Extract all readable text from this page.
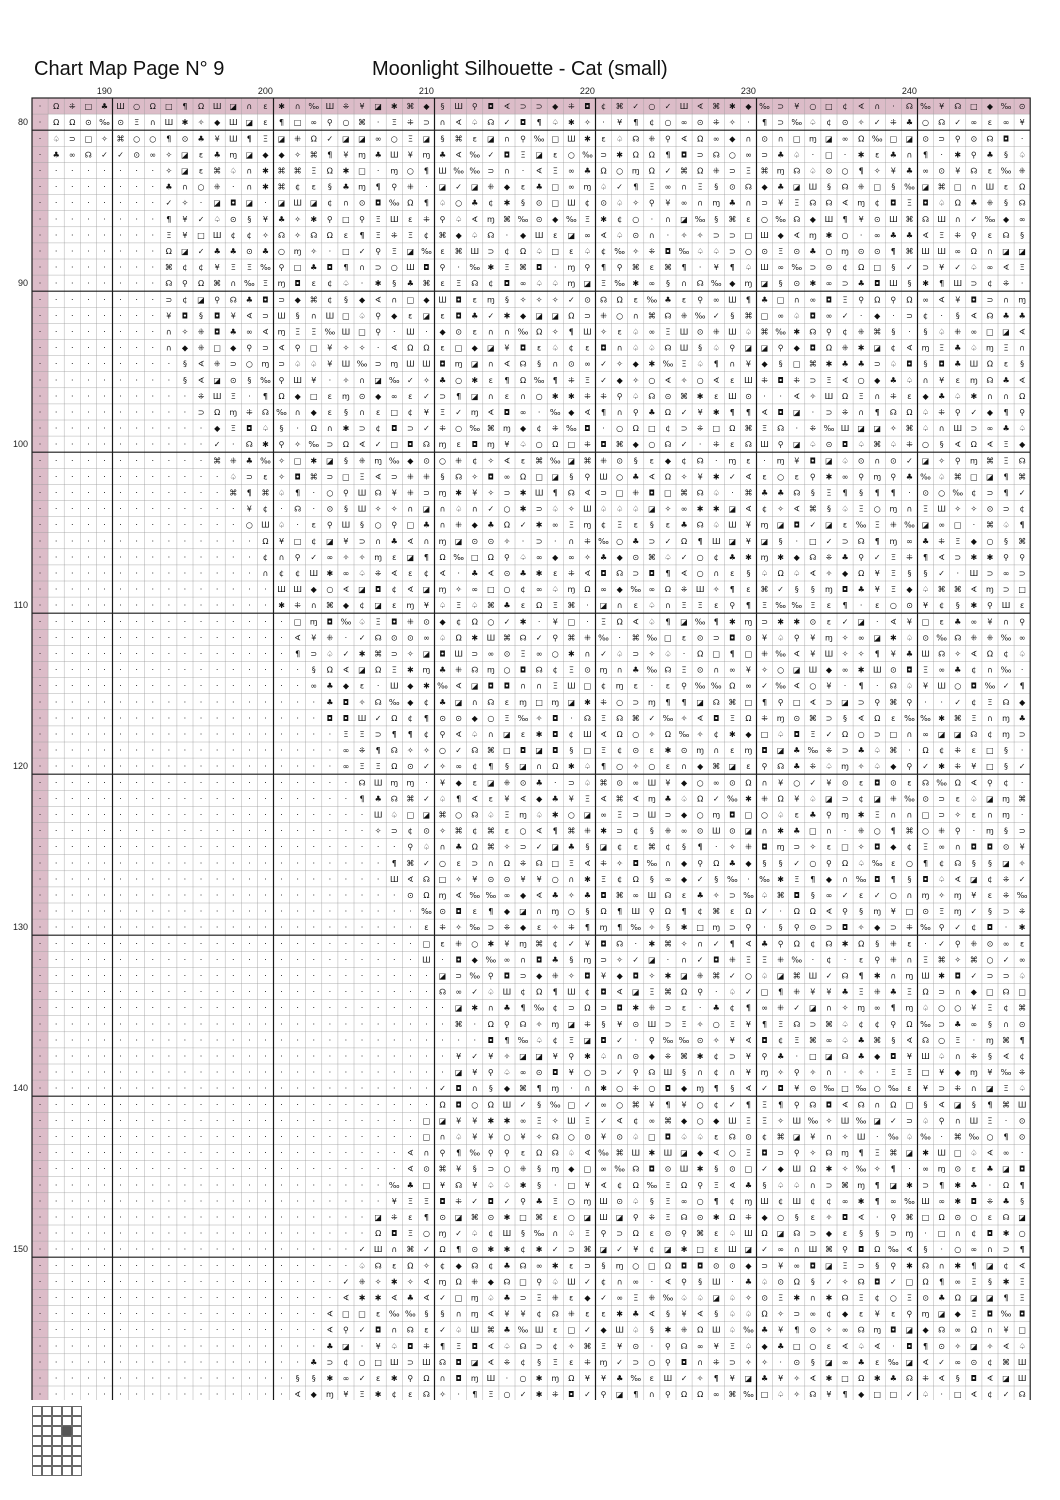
Chart Map Page N° 9	Moonlight Silhouette - Cat (small)
· Ω ⁜ □ ♣ Ш ○ Ω □ ¶ Ω Ш ◪ ∩ ε ✱ ∩ ‰ Ш ⁜ ¥ ◪ ✱ ⌘ ◆ § Ш ⚲ ◘ ∢ ⊃ ⊃ ◆ ⁜ ◘ ¢ ⌘ ✓ ○ ✓ Ш ∢ ⌘ ✱ ◆ ‰ ⊃ ¥ ○ □ ¢ ∢ ∩ · ☊ ‰ ¥ ☊ □ ◆ ‰ ⊙
· Ω Ω ⊙ ‰ ⊙ Ξ ∩ Ш ✱ ✧ ◆ Ш ◪ ε ¶ □ ∞ ⚲ ○ ⌘ · Ξ ⁜ ⊃ ∩ ∢ ♤ ☊ ✓ ◘ ¶ ♤ ✱ ✧ · ¥ ¶ ¢ ○ ∞ ⊙ ⁜ ✧ · ¶ ⊃ ‰ ♤ ¢ ⊙ ✧ ✓ ⁜ ♣ ○ ☊ ✓ ∞ ε ∞ ¥
· ♤ ⊃ □ ✧ ⌘ ○ ○ ¶ ⊙ ♣ ¥ Ш ¶ Ξ ◪ ⁜ Ω ✓ ◪ ◪ ∞ ○ Ξ ◪ § ⌘ ε ◪ ∩ ⚲ ‰ □ Ш ✱ ε ♤ ☊ ⁜ ⚲ ∢ Ω ∞ ◆ ∩ ⊙ ∩ □ ɱ ◪ ∞ Ω ‰ □ ◪ ⊙ ⊃ ⚲ ⊙ ☊ ◘ ·
· ♣ ∞ ☊ ✓ ✓ ⊙ ∞ ✧ ◪ ε ♣ ɱ ◪ ◆ ◆ ✧ ⌘ ¶ ¥ ɱ ♣ Ш ¥ ɱ ♣ ∢ ‰ ✓ ◘ Ξ ◪ ε ○ ‰ ⊃ ✱ Ω Ω ¶ ◘ ⊃ ☊ ○ ∞ ⊃ ♣ ♤ · □ · ✱ ε ♣ ∩ ¶ · ✱ ⚲ ♣ § ♤
· · · · · · · · ✧ ◪ ε ⌘ ♤ ∩ ✱ ⌘ ⌘ Ξ Ω ✱ □ · ɱ ○ ¶ Ш ‰ ‰ ⊃ ∩ · ∢ Ξ ∞ ♣ Ω ○ ɱ Ω ✓ ⌘ Ω ⁜ ⊃ Ξ ⌘ ɱ ☊ ♤ ⊙ ○ ¶ ✧ ¥ ♣ ∞ ⊙ ¥ ☊ ε ‰ ⁜
· · · · · · · · ♣ ∩ ○ ⁜ · ∩ ✱ ⌘ ¢ ε § ♣ ɱ ¶ ⚲ ⁜ · ◪ ✓ ◪ ⁜ ◆ ε ♣ □ ∞ ɱ ♤ ✓ ¶ Ξ ∞ ∩ Ξ § ⊙ ☊ ◆ ♣ ◪ Ш § ☊ ⁜ □ § ‰ ◪ ⌘ □ ∩ Ш ε Ω
· · · · · · · · ✓ ✧ · ◪ ◘ ◪ · ◪ Ш ◪ ¢ ∩ ⊙ ◘ ‰ Ω ¶ ♤ ○ ♣ ¢ ✱ § ⊙ □ Ш ¢ ⊙ ♤ ✧ ⚲ ¥ ∞ ∩ ɱ ♣ ∩ ⊃ ¥ Ξ ☊ ☊ ∢ ɱ ¢ ◘ Ξ ◘ ♤ Ω ♣ ⁜ § ☊
· · · · · · · · ¶ ¥ ✓ ♤ ⊙ § ¥ ♣ ✧ ✱ ⚲ □ ⚲ Ξ Ш ε ⁜ ⚲ ♤ ∢ ɱ ⌘ ‰ ⊙ ◆ ‰ Ξ ✱ ¢ ○ · ∩ ◪ ‰ § ⌘ ε ○ ‰ ☊ ◆ Ш ¶ ¥ ⊙ Ш ⌘ ☊ Ш ∩ ✓ ‰ ◆ ∞
· · · · · · · · Ξ ¥ □ Ш ¢ ¢ ✧ ☊ ✧ ☊ Ω ε ¶ Ξ ⁜ Ξ ¢ ⌘ ◆ ♤ ☊ · ◆ Ш ε ◪ ∞ ∢ ♤ ⊙ ∩ · ✧ ✧ ⊃ ⊃ □ Ш ◆ ∢ ɱ ✱ ○ · ∞ ♣ ♣ ∢ Ξ ⁜ ⚲ ε ☊ §
· · · · · · · · Ω ◪ ✓ ♣ ♣ ⊙ ♣ ○ ɱ ✧ · □ ✓ ⚲ Ξ ◪ ‰ ε ⌘ Ш ⊃ ¢ Ω ♤ □ ε ♤ ¢ ‰ ✧ ⁜ ◘ ‰ ♤ ♤ ⊃ ○ ⊙ Ξ ⊙ ♣ ○ ɱ ⊙ ⊙ ¶ ⌘ Ш Ш ∞ Ω ∩ ◪ ◪
· · · · · · · · ⌘ ¢ ¢ ¥ Ξ Ξ ‰ ⚲ □ ♣ ◘ ¶ ∩ ⊃ ○ Ш ◘ ⚲ · ‰ ✱ Ξ ⌘ ◘ · ɱ ⚲ ¶ ⚲ ⌘ ε ⌘ ¶ · ¥ ¶ ♤ Ш ∞ ‰ ⊃ ⊙ ¢ Ω □ § ✓ ⊃ ¥ ✓ ♤ ∞ ∢ Ξ
· · · · · · · · ☊ ⚲ Ω ⌘ ∩ ‰ Ξ ɱ ◘ ε ¢ ♤ · ✱ § ♣ ⌘ ε Ξ ☊ ¢ ◘ ∞ ♤ ♤ ɱ ◪ Ξ ‰ ✱ ∞ § ∩ ☊ ‰ ◆ ɱ ◪ § ⊙ ✱ ∞ ⊃ ♣ ◘ Ш § ✱ ¶ Ш ⊃ ¢ ⁜ ·
· · · · · · · · ⊃ ¢ ◪ ⚲ ☊ ♣ ◘ ⊃ ◆ ⌘ ¢ § ◆ ∢ ∩ □ ◆ Ш ◘ ε ɱ § ✧ ✧ ✧ ✓ ⊙ ☊ Ω ε ‰ ♣ ε ⚲ ∞ Ш ¶ ♣ □ ∩ ∞ ◘ Ξ ⚲ Ω ⚲ Ω ∞ ∢ ¥ ◘ ⊃ ∩ ɱ
· · · · · · · · ¥ ◘ § ◘ ¥ ∢ ⊃ Ш § ∩ Ш □ ♤ ⚲ ◆ ε ◪ ε ◘ ♣ ✓ ✱ ◆ ◪ ◪ Ω ⊃ ⁜ ○ ∩ ⌘ ☊ ⁜ ‰ ✓ § ⌘ □ ∞ ♤ ◘ ∞ ✓ · ◆ · ⊃ ¢ · § ∢ ☊ ♣ ♣
· · · · · · · · ∩ ✧ ⁜ ◘ ♣ ∞ ∢ ɱ Ξ Ξ ‰ Ш □ ⚲ · Ш · ◆ ⊙ ε ∩ ∩ ‰ Ω ✧ ¶ Ш ✧ ε ♤ ∞ Ξ Ш ⊙ ⁜ Ш ♤ ⌘ ‰ ✱ ☊ ⚲ ¢ ⁜ ⌘ § · § ♤ ⁜ ∞ □ ◪ ∢
· · · · · · · · ∩ ◆ ⁜ □ ◆ ⚲ ⊃ ∢ ⚲ □ ¥ ✧ ✧ · ∢ Ω Ω ε □ ◆ ◪ ¥ ◘ ε ♤ ¢ ε ◘ ∩ ♤ ♤ ☊ Ш § ♤ ⚲ ◪ ◪ ⚲ ◆ ◘ Ω ⁜ ✱ ◪ ¢ ∢ ɱ Ξ ♣ ♤ ɱ Ξ ∩
· · · · · · · · · § ∢ ⁜ ⊃ ○ ɱ ⊃ ♤ ♤ ¥ Ш ‰ ⊃ ɱ Ш Ш ◘ ɱ ◪ ∩ ∢ ☊ § ∩ ⊙ ∞ ✓ ✧ ◆ ✱ ‰ Ξ ♤ ¶ ∩ ¥ ◆ § □ ⌘ ✱ ♣ ♣ ⊃ ♤ ◘ § ◘ ♣ Ш Ω ε §
· · · · · · · · · § ∢ ◪ ⊙ § ‰ ⚲ Ш ¥ · ✧ ∩ ◪ ‰ ✓ ✧ ♣ ○ ✱ ε ¶ Ω ‰ ¶ ⁜ Ξ ✓ ◆ ✧ ○ ∢ ✧ ○ ∢ ε Ш ⁜ ◘ ⁜ ⊃ Ξ ∢ ○ ◆ ♣ ♤ ∩ ¥ ε ɱ ☊ ♣ ∢
· · · · · · · · · · ⁜ Ш Ξ · ¶ Ω ◆ □ ε ɱ ⊙ ◆ ∞ ε ✓ ⊃ ¶ ◪ ∩ ε ∩ ○ ✱ ✱ ⁜ ⁜ ⚲ ♤ ☊ ⊙ ⌘ ✱ ε Ш ⊙ · · ∢ ✧ Ш Ω Ξ ∩ ⁜ ε ◆ ♣ ♤ ✱ ∩ ∩ Ω
· · · · · · · · · · ⊃ Ω ɱ ⁜ ☊ ‰ ∩ ◆ ε § ∩ ε □ ¢ ¥ Ξ ✓ ɱ ∢ ◘ ∞ · ‰ ◆ ∢ ¶ ∩ ⚲ ♣ Ω ✓ ¥ ✱ ¶ ¶ ∢ ◘ ◪ · ⊃ ⁜ ∩ ¶ ☊ Ω ♤ ⁜ ⚲ ✓ ◆ ¶ ⚲
· · · · · · · · · · · ◆ Ξ ◘ ♤ § · Ω ∩ ✱ ⊃ ¢ ◘ ⊃ ✓ ⁜ ○ ‰ ⌘ ɱ ◆ ¢ ⁜ ‰ ◘ · ○ Ω □ ¢ ⊃ ⁜ □ Ω ⌘ Ξ ☊ · ⁜ ‰ Ш ◪ ◪ ✧ ⌘ ♤ ∩ Ш ⊃ ∞ ♣ ♤
· · · · · · · · · · · ✓ · ☊ ✱ ⚲ ✧ ‰ ⊃ Ω ∢ ✓ □ ◘ ☊ ɱ ε ◘ ɱ ¥ ♤ ○ Ω □ ⁜ ◘ ⌘ ◆ ○ ☊ ✓ · ⁜ ε ☊ Ш ⚲ ◪ ♤ ⊙ ◘ ♤ ⌘ ♤ ⁜ ○ § ∢ Ω ∢ Ξ ◆
· · · · · · · · · · · ⌘ ⁜ ♣ ‰ ✧ □ ✱ ◪ § ⁜ ɱ ‰ ◆ ⊙ ○ ⁜ ¢ ✧ ∢ ε ⌘ ‰ ◪ ⌘ ⁜ ⊙ § ε ◆ ¢ ☊ · ɱ ε · ɱ ¥ ◘ ◪ ♤ ⊙ ∩ ⊙ ✓ ◪ ✧ ⚲ ɱ ⌘ Ξ ☊
· · · · · · · · · · · · ♤ ⊃ ε ✧ ◘ ⌘ ⊃ □ Ξ ∢ ⊃ ⁜ ⁜ § ☊ ✧ ◘ ∞ Ω □ ◪ § ⚲ Ш ○ ♣ ∢ Ω ✧ ¥ ✱ ✓ ∢ ε ○ ε ⚲ ✱ ∞ ⚲ ɱ ⚲ ♣ ‰ ♤ ⌘ □ ◪ ¶ ⌘
· · · · · · · · · · · · ⌘ ¶ ⌘ ♤ ¶ · ○ ⚲ Ш ☊ ¥ ⁜ ⊃ ɱ ✱ ¥ ✧ ⊃ ✱ Ш ¶ ☊ ∢ ⊃ □ ⁜ ◘ □ ⌘ ☊ ♤ · ⌘ ♣ ♣ ☊ § Ξ ¶ § ¶ ¶ · ⊙ ○ ‰ ¢ ⊃ ¶ ✓
· · · · · · · · · · · · · ¥ ¢ · ☊ · ⊙ § Ш ✧ ✧ ∩ ◪ ∩ ♤ ∩ ✓ ○ ✱ ⊃ ♤ ✧ Ш ♤ ♤ ♤ ◪ ✧ ∞ ✱ ✱ ◪ ∢ ¢ ✧ ∢ ⌘ § ♤ Ξ ○ ɱ ∩ Ξ Ш ✧ ✧ ⊙ ⊃ ¢
· · · · · · · · · · · · · ○ Ш ♤ · ε ⚲ Ш § ○ ⚲ □ ♣ ∩ ⁜ ◆ ♣ Ω ✓ ✱ ∞ Ξ ɱ ¢ Ξ ε § ε ♣ ☊ ♤ Ш ¥ ɱ ◪ ◘ ✓ ◪ ε ‰ Ξ ⁜ ‰ ◪ ∞ □ · ⌘ ♤ ¶
· · · · · · · · · · · · · · Ω ¥ □ ¢ ◪ ¥ ⊃ ∩ ♣ ∢ ∩ ɱ ◪ ⊙ ⊙ ✧ · ⊃ · ∩ ⁜ ‰ ○ ♣ ⊃ ✓ Ω ¶ Ш ◪ ¥ ◪ § · □ ✓ ⊃ ☊ ¶ ɱ ∞ ♣ ⁜ Ξ ◆ ○ § ⌘
· · · · · · · · · · · · · · ¢ ∩ ⚲ ✓ ∞ ✧ ✧ ɱ ε ◪ ¶ Ω ‰ □ Ω ⚲ ♤ ∞ ◆ ∞ ✧ ♣ ◆ ⊙ ⌘ ♤ ✓ ○ ¢ ♣ ✱ ɱ ✱ ◆ ☊ ⁜ ♣ ⚲ ✓ Ξ ⁜ ¶ ∢ ⊃ ✱ ✱ ⚲ ⚲
· · · · · · · · · · · · · · ∩ ¢ ¢ Ш ✱ ∞ ♤ ⁜ ∢ ε ¢ ∢ · ♣ ∢ ⊙ ♣ ✱ ε ⁜ ∢ ◘ ☊ ⊃ ◘ ¶ ∢ ○ ∩ ε § ♤ Ω ♤ ∢ ✧ ◆ Ω ¥ Ξ § § ✓ · Ш ⊃ ∞ ⊃
· · · · · · · · · · · · · · · Ш Ш ◆ ○ ∢ ◪ ◘ ¢ ∢ ◪ ɱ ✧ ∞ □ ○ ¢ ∞ ♤ ɱ Ω ∞ ◆ ‰ ∞ Ω ⁜ Ш ✧ ¶ ε ⌘ ✓ § § ɱ ◘ ♣ ¥ Ξ ◆ ♤ ⌘ ⌘ ∢ ɱ ⊃ □
· · · · · · · · · · · · · · · ✱ ⁜ ∩ ⌘ ◆ ¢ ◪ ε ɱ ¥ ♤ Ξ ♤ ⌘ ♣ ε Ω Ξ ⌘ · ◪ ∩ ε ♤ ∩ Ξ Ξ ε ⚲ ¶ Ξ ‰ ‰ Ξ ε ¶ · ε ○ ⊙ ¥ ¢ § ✱ ⚲ Ш ε
· · · · · · · · · · · · · · · · □ ɱ ◘ ‰ ♤ Ξ ◘ ⁜ ⊙ ◆ ¢ Ω ○ ✓ ✱ · ¥ □ · Ξ Ω ∢ ♤ ¶ ◪ ‰ ¶ ✱ ɱ ⊃ ✱ ✱ ⊙ ε ✓ ◪ · ∢ ¥ □ ε ♣ ∞ ¥ ∩ ⚲
· · · · · · · · · · · · · · · · ∢ ¥ ⁜ · ✓ ☊ ⊙ ⊙ ∞ ♤ Ω ✱ Ш ⌘ ☊ ✓ ⚲ ⌘ ⁜ ‰ · ⌘ ‰ □ ε ⊙ ⊃ ◘ ⊙ ¥ ♤ ⚲ ¥ ɱ ✧ ∞ ◪ ✱ ♤ ⊙ ‰ ☊ ⁜ ⁜ ‰ ∞
· · · · · · · · · · · · · · · · ¶ ⊃ ♤ ✓ ✱ ⌘ ⊃ ✧ ◪ ◘ Ш ⊃ ∞ ⊙ Ξ ∞ ○ ✱ ∩ ✓ ♤ ⊃ ✧ ♤ · Ω □ ¶ □ ⁜ ‰ ∢ ¥ Ш ✧ ✧ ¶ ¥ ♣ Ш ☊ ✧ ∢ Ω ¢ ♤
· · · · · · · · · · · · · · · · · § Ω ∢ ◪ Ω Ξ ✱ ɱ ♣ ⁜ ☊ ɱ ○ ◘ ☊ ¢ Ξ ⊙ ɱ ∩ ♣ ‰ ☊ Ξ ⊙ ∩ ∞ ¥ ✧ ○ ◪ Ш ◆ ∞ ✱ Ш ⊙ ◘ Ξ ∞ ♣ ¢ ∩ ‰ ·
· · · · · · · · · · · · · · · · · ∞ ♣ ◆ ε · Ш ◆ ✱ ‰ ∢ ◪ ◘ ◘ ∩ ∩ Ξ Ш □ ¢ ɱ ε · ε ⚲ ‰ ‰ Ω ∞ ✓ ‰ ∢ ○ ¥ · ¶ · ☊ ♤ ¥ Ш ○ ◘ ‰ ✓ ¶
· · · · · · · · · · · · · · · · · · ♣ ◘ ✧ ☊ ‰ ◆ ¢ ♣ ◪ ∩ ☊ ε ɱ □ ɱ ◪ ✱ ⁜ ○ ⊃ ɱ ¶ ¶ ◪ ☊ ⌘ □ ¶ ⚲ □ ∢ ⊃ ◪ ⊃ ⚲ ⌘ ⚲ · · ✓ ¢ Ξ ☊ ◆
· · · · · · · · · · · · · · · · · · ◘ ◘ Ш ✓ Ω ¢ ¶ ⊙ ⊙ ◆ ○ Ξ ‰ ✧ ◘ · ☊ Ξ ☊ ⌘ ✓ ‰ ✧ ∢ ◘ Ξ Ω ⁜ ɱ ⊙ ⌘ ⊃ § ∢ Ω ε ‰ ‰ ✱ ⌘ Ξ ∩ ɱ ♣
· · · · · · · · · · · · · · · · · · · Ξ Ξ ⊃ ¶ ¶ ¢ ⚲ ∢ ♤ ∩ ◪ ε ✱ ◘ ¢ Ш ∢ Ω ○ ✧ Ω ‰ ✧ ¢ ✱ ◆ □ ♤ ◘ Ξ ✓ Ω ○ ⊃ □ ∩ ∞ ◪ ◪ ☊ ¢ ɱ ⊃
· · · · · · · · · · · · · · · · · · · ∞ ⁜ ¶ ☊ ✧ ✧ ○ ✓ ☊ ⌘ □ ◘ ◪ ◘ § □ Ξ ¢ ⊙ ε ✱ ⊙ ɱ ∩ ε ɱ ◘ ◪ ♣ ‰ ⁜ ⊃ ♣ ♤ ⌘ · Ω ¢ ⁜ ε □ § ·
· · · · · · · · · · · · · · · · · · · ∞ Ξ Ξ Ω ⊙ ✓ ✧ ∞ ¢ ¶ § ◪ ∩ Ω ✱ ♤ ¶ ○ ✧ ○ ε ∩ ◆ ⌘ ◪ ε ⚲ ☊ ♣ ⁜ ♤ ɱ ✧ ♤ ◆ ⚲ ✓ ✱ ⁜ ¥ □ § ✓
· · · · · · · · · · · · · · · · · · · · ☊ Ш ɱ ɱ · ¥ ◆ ε ◪ ⁜ ⊙ ♣ · ⊃ ♤ ⌘ ⊙ ∞ Ш ¥ ◆ ○ ∞ ⊙ Ω ∩ ¥ ○ ✓ ¥ ⊙ ε ◘ ⊙ ε ☊ ‰ Ω ∢ ⚲ ¢ ·
· · · · · · · · · · · · · · · · · · · · ¶ ♣ ☊ ⌘ ✓ ♤ ¶ ∢ ε ¥ ∢ ◆ ♣ ¥ Ξ ∢ ⌘ ∢ ɱ ♣ ♤ Ω ✓ ‰ ✱ ⁜ Ω ¥ ♤ ◪ ⊃ ¢ ◪ ⁜ ‰ ⊙ ⊃ ε ♤ ◪ ɱ ⌘
· · · · · · · · · · · · · · · · · · · · · Ш ♤ □ ◪ ⌘ ○ ☊ ♤ Ξ ɱ ♤ ✱ ○ ◪ ∞ Ξ ⊃ Ш ⊃ ◆ ○ ɱ ◘ □ ○ ♤ ε ♣ ⚲ ɱ ✱ Ξ ∩ ∩ □ ⊃ ✧ ε ∩ ɱ ·
· · · · · · · · · · · · · · · · · · · · · ✧ ⊃ ¢ ⊙ ✧ ⌘ ¢ ⌘ ε ○ ∢ ¶ ⌘ ⁜ ✱ ⊃ ¢ § ⁜ ∞ ⊙ Ш ⊙ ◪ ∩ ✱ ♣ □ ∩ · ⁜ ○ ¶ ⌘ ○ ⁜ ⚲ · ɱ § ⊃
· · · · · · · · · · · · · · · · · · · · · · · ⚲ ♤ ∩ ♣ Ω ⌘ ✧ ⊃ ✓ ◪ ♣ § ◪ ¢ ε ⌘ ¢ § ¶ · ✧ ⁜ ◘ ɱ ⊃ ✧ ε □ ✧ ◘ ◆ ¢ Ξ ∞ ∩ ◘ ◘ ⊙ ¥
· · · · · · · · · · · · · · · · · · · · · · ¶ ⌘ ✓ ○ ε ⊃ ∩ Ω ⁜ ☊ □ Ξ ∢ ⁜ ✧ ◘ ‰ ∩ ◆ ⚲ Ω ♣ ◆ § § ✓ ○ ⚲ Ω ♤ ‰ ε ○ ¶ ¢ ☊ § § ◪ ✧
· · · · · · · · · · · · · · · · · · · · · · Ш ∢ ☊ □ ✧ ¥ ⊙ ⊙ ¥ ¥ ○ ∩ ✱ Ξ ¢ Ω § ∞ ◆ ✓ § ‰ · ‰ ✱ Ξ ¶ ◆ ∩ ‰ ◘ ¶ § ◘ ♤ ∢ ◪ ¢ ⁜ ✓
· · · · · · · · · · · · · · · · · · · · · · · ⊙ Ω ɱ ∢ ‰ ‰ ∞ ◆ ∢ ♣ ✧ ♣ ◘ ⌘ ∞ Ш ☊ ε ♣ ✧ ⊃ ‰ ♤ ⌘ ◘ § ∞ ✓ ε ✓ ○ ∩ ɱ ✧ ɱ ¥ ε ⁜ ‰
· · · · · · · · · · · · · · · · · · · · · · · · ‰ ⊙ ◘ ε ¶ ◆ ◪ ∩ ɱ ○ § Ω ¶ Ш ⚲ Ω ¶ ¢ ⌘ ε Ω ✓ · Ω Ω ∢ ⚲ § ɱ ¥ □ ⊙ Ξ ɱ ✓ § ⊃ ⁜
· · · · · · · · · · · · · · · · · · · · · · · · ε ⁜ ✧ ‰ ⊃ ⁜ ◆ ε ✧ ⁜ ¶ ɱ ¶ ‰ ✧ § ✱ □ ɱ ⊃ ⚲ · § ⚲ ⊙ ⊃ ◘ ✧ ◆ ⊃ ⁜ ‰ ⚲ ✓ ¢ ◘ · ✱
· · · · · · · · · · · · · · · · · · · · · · · · □ ε ⁜ ○ ✱ ¥ ɱ ⌘ ¢ ✓ ¥ ◘ ☊ · ✱ ⌘ ✧ ∩ ✓ ¶ ∢ ♣ ⚲ Ω ¢ ☊ ✱ Ω § ⁜ ε · ✓ ⚲ ⁜ ⊙ ∞ ε
· · · · · · · · · · · · · · · · · · · · · · · · Ш · ◘ ◆ ‰ ∞ ∩ ◘ ♣ § ɱ ⊃ ✧ ✓ ◪ · ∩ ✓ ◘ ⁜ Ξ Ξ ⁜ ‰ · ¢ · ε ⚲ ⁜ ∩ Ξ ⌘ ✧ ⌘ ○ ✓ ∞
· · · · · · · · · · · · · · · · · · · · · · · · · ◪ ⊃ ‰ ⚲ ◘ ⊃ ◆ ⁜ ✧ ◘ ¥ ◆ ◘ ✧ ✱ ◪ ⁜ ⌘ ✓ ○ ♤ ◪ ⌘ Ш ✓ ☊ ¶ ✱ ∩ ɱ Ш ✱ ◘ ✓ ⊃ ⊃ ♤
· · · · · · · · · · · · · · · · · · · · · · · · · ☊ ∞ ✓ ♤ Ш ¢ Ω ¶ Ш ¢ ◘ ∢ ◪ Ξ ⌘ Ω ⚲ · ♤ ✓ □ ¶ ⁜ ¥ ¥ ♣ Ξ ⁜ ♣ Ξ Ω ⊃ ∩ ◆ □ ☊ □
· · · · · · · · · · · · · · · · · · · · · · · · · · ◪ ✱ ∩ ♣ ¶ ‰ ¢ ⊃ Ω ⊃ ◘ ✱ ⁜ ⊃ ε · ♣ ¢ ¶ ∞ ⁜ ✓ ◪ ∩ ✧ ɱ ∞ ¶ ɱ ♤ ○ ○ ¥ Ξ ¢ ⌘
· · · · · · · · · · · · · · · · · · · · · · · · · · ⌘ · Ω ⚲ ☊ ✧ ɱ ◪ ⁜ § ¥ ⊙ Ш ⊃ Ξ ✧ ○ Ξ ¥ ¶ Ξ ☊ ⊃ ⌘ ♤ ¢ ¢ ⚲ Ω ‰ ⊃ ♣ ∞ § ∩ ⊙
· · · · · · · · · · · · · · · · · · · · · · · · · · · · ◘ ¶ ‰ ♤ ¢ Ξ ◪ ◘ ✓ · ⚲ ‰ ‰ ⊙ ✧ ¥ ∢ ◘ ¢ Ξ ⌘ ∞ ♤ ♣ ⌘ § ∢ ☊ ○ Ξ · ɱ ⌘ ¶
· · · · · · · · · · · · · · · · · · · · · · · · · · ¥ ✓ ¥ ✧ ◪ ◪ ¥ ⚲ ✱ ♤ ∩ ⊙ ◆ ⁜ ⌘ ✱ ¢ ⊃ ¥ ⚲ ♣ · □ ◪ ☊ ♣ ◆ ◘ ¥ Ш ♤ ∩ ⁜ § ∢ ¢
· · · · · · · · · · · · · · · · · · · · · · · · · · ◪ ¥ ⚲ ♤ ∞ ⊙ ◘ ¥ ○ ⊃ ✓ ⚲ ☊ Ш § ∩ ¢ ∩ ¥ ɱ ✧ ⚲ ✧ ∩ · ✧ · Ξ Ξ □ ¥ ◆ ɱ ¥ ‰ ⁜
· · · · · · · · · · · · · · · · · · · · · · · · · ✓ ◘ ∩ § ◆ ⌘ ¶ ɱ · ∩ ✱ ○ ⁜ ○ ◘ ◆ ɱ ¶ § ∢ ✓ ◘ ¥ ⊙ ‰ □ ‰ ○ ‰ ε ¥ ⊃ ⁜ ∩ ◪ Ξ ♤
· · · · · · · · · · · · · · · · · · · · · · · · · Ω ◘ ○ Ω Ш ✓ § ‰ □ ✓ ∞ ○ ⌘ ¥ ¶ ¥ ○ ¢ ✓ ¶ Ξ ¶ ⚲ ☊ ◘ ∢ ☊ ∩ Ω □ § ∢ ◪ § ¶ ⌘ Ш
· · · · · · · · · · · · · · · · · · · · · · · · □ ◪ ¥ ¥ ✱ ✱ ∞ Ξ ✧ Ш Ξ ✓ ∢ ¢ ∞ ⌘ ◆ ○ ◆ Ш Ξ Ξ ✧ Ш ‰ ✧ Ш ‰ ◪ ✓ ⊃ ♤ ⚲ ∩ Ш Ξ · ⊙
· · · · · · · · · · · · · · · · · · · · · · · · □ ∩ ♤ ¥ ¥ ○ ¥ ✧ ☊ ○ ⊙ ¥ ⊙ ♤ □ ◘ ♤ ♤ ε ☊ ⊙ ¢ ⌘ ◪ ¥ ∩ ✧ Ш · ‰ ♤ ‰ · ⌘ ‰ ○ ¶ ⊙
· · · · · · · · · · · · · · · · · · · · · · · ∢ ∩ ⚲ ¶ ‰ ⚲ ⚲ ε Ω ☊ ♤ ∢ ‰ ⌘ Ш ✱ Ш ◪ ◆ ∢ ○ Ξ ◘ ⊃ ⚲ ✧ ☊ ɱ ¶ Ξ ⌘ ◪ ✱ Ш □ ♤ ∢ ∞ ·
· · · · · · · · · · · · · · · · · · · · · · · ∢ ⊙ ⌘ ¥ § ⊃ ○ ⁜ § ɱ ◆ □ ∞ ‰ ☊ ◘ ⊙ Ш ✱ § ⊙ □ ✓ ◆ Ш Ω ✱ ✧ ‰ ✧ ¶ · ∞ ɱ ⊙ ε ♣ ◪ ◘
· · · · · · · · · · · · · · · · · · · · · · ‰ ♣ □ ¥ ☊ ¥ ♤ ♤ ✱ § · □ ¥ ∢ ¢ Ω ‰ Ξ Ω ⚲ Ξ ∢ ♣ § ♤ ♤ ∩ ⊃ ⌘ ɱ ¶ ◪ ✱ ⊃ ¶ ✱ ♣ · Ω ¶
· · · · · · · · · · · · · · · · · · · · · · ¥ Ξ Ξ ◘ ⁜ ✓ ◘ ✓ ⚲ ♣ Ξ ○ ɱ Ш ⊙ ♤ § Ξ ∞ ○ ¶ ¢ ɱ Ш ¢ Ш ¢ ¢ ∞ ✱ ¶ ∞ ‰ Ш ∞ ✱ ◘ ⁜ ♣ §
· · · · · · · · · · · · · · · · · · · · · ◪ ⁜ ε ¶ ⊙ ◪ ⌘ ⊙ ✱ □ ⌘ ε ○ ◪ Ш ◪ ⚲ ⁜ Ξ ☊ ⊙ ✱ Ω ⁜ ◆ ○ § ε ✧ ◘ ∢ · ⚲ ⌘ □ Ω ⊙ ○ ε ☊ ◪
· · · · · · · · · · · · · · · · · · · · · Ω ◘ Ξ ○ ɱ ✓ ♤ ¢ Ш § ‰ ∩ ♤ Ξ ⚲ ⊃ Ω ε ⊙ ⚲ ⌘ ε ♤ Ш Ω ◪ ☊ ⊃ ◆ ε § § ⊃ ɱ · □ ∩ ¢ ◘ ✱ ○
· · · · · · · · · · · · · · · · · · · · ✓ Ш ∩ ⌘ ✓ Ω ¶ ⊙ ✱ ✱ ¢ ✱ ✓ ⊃ ⌘ ◪ ✓ ¥ ¢ ◪ ✱ □ ε Ш ◪ ✓ ∞ ∩ Ш ⌘ ⚲ ◘ Ω ‰ ∢ § · ○ ∞ ∩ ⊃ ¶
· · · · · · · · · · · · · · · · · · · · ♤ ☊ ε Ω ✧ ¢ ◆ ☊ ¢ ♣ ☊ ∞ ✱ ε ⊃ § ɱ ○ □ Ω ◘ ◘ ⊙ ⊙ ◆ ⊃ ¥ ∞ ◘ ◪ Ξ ⊃ § ⚲ ✱ ☊ ∩ ✱ ¶ ◪ ¢ ∢
· · · · · · · · · · · · · · · · · · · ✓ ⁜ ✧ ✱ ✧ ∢ ɱ Ω ⁜ ◆ ☊ □ ⚲ ♤ Ш ✓ ¢ ∩ ∞ · ∢ ⚲ § Ш · ♣ ♤ ⊙ Ω § ✓ ✧ ☊ ◘ ✓ □ Ω ¶ ∞ Ξ § ✱ Ξ
· · · · · · · · · · · · · · · · · · · ∢ ✱ ✱ ∢ ♣ ∢ ✓ □ ɱ ♤ ♣ ⊃ Ξ ⁜ ε ◆ ✓ ∞ Ξ ⁜ ‰ ♤ ♤ ◪ ♤ ✧ ⊙ Ξ ✱ ∩ ✱ ☊ Ξ ¢ ○ Ξ ⊙ ♣ Ω ◪ ◪ ¶ Ξ
· · · · · · · · · · · · · · · · · · ∢ □ □ ε ‰ ‰ § § ∩ ɱ ∢ ¥ ¥ ¢ ☊ ⁜ ε ε ✱ ♣ ∢ § ¥ ∢ § ♤ ♤ Ω ✧ ⊃ ∞ ¢ ◆ ε ¥ ε ⚲ ɱ ◪ ◆ Ξ ◘ ‰ ◘
· · · · · · · · · · · · · · · · · · ∢ ⚲ ✓ ◘ ∩ ☊ ε ✓ ♤ Ш ⌘ ♣ ‰ Ш ε □ ✓ ◆ Ш ♤ § ✱ ⁜ Ω Ш ♤ ‰ ♣ ¥ ¶ ⊙ ✧ ∞ ☊ ɱ ◘ ◪ ◆ ☊ ∞ Ω ∩ ¥ □
· · · · · · · · · · · · · · · · · · ♣ ◪ · ¥ ♤ ◘ ⁜ ¶ Ξ ◘ ∢ ♤ ☊ ⊃ ¢ ✧ ⌘ Ξ ¥ ⊙ · ⚲ ☊ ∞ ¥ Ξ ♤ ◆ ♣ □ ○ ε ∢ ♤ ∢ · ◘ ¶ ⊙ ✧ ◪ ✧ ∢ ♤
· · · · · · · · · · · · · · · · · ♣ ⊃ ¢ ○ □ Ш ⊃ Ш ☊ ◘ ◪ ∢ ⁜ ¢ § Ξ ε ⁜ ɱ ✓ ⊃ ○ ⚲ ◘ ∩ ⁜ ⊃ ✧ ✧ · ⊙ § ◪ ∞ ♣ ε ‰ ◪ ∢ ✓ ∞ ⊙ ¢ ⌘ Ш
· · · · · · · · · · · · · · · · § § ✱ ∞ ✓ ε ✱ ⚲ Ω ∩ ◘ ɱ Ш · ○ ✱ ɱ Ω ¥ ¥ ♣ ‰ ε Ш ✓ ✧ ¶ ¥ ◪ ♣ ¥ ✧ ∢ ✱ □ Ω ✱ ♣ ☊ ⁜ ∢ § ◘ ∢ ◪ Ш
· · · · · · · · · · · · · · · · ∢ ◆ ɱ ¥ Ξ ✱ ¢ ε ☊ ✧ · ¶ Ξ ○ ✓ ✱ ⁜ ◘ ✓ ⚲ ◪ ¶ ∩ ⚲ Ω Ω ∞ ⌘ ‰ □ ♤ ✧ ☊ ¥ ¶ ◆ □ □ ✓ ♤ · □ ∢ ¢ ✓ ☊
190	200	210	220	230	240
80
90
100
110
120
130
140
150
